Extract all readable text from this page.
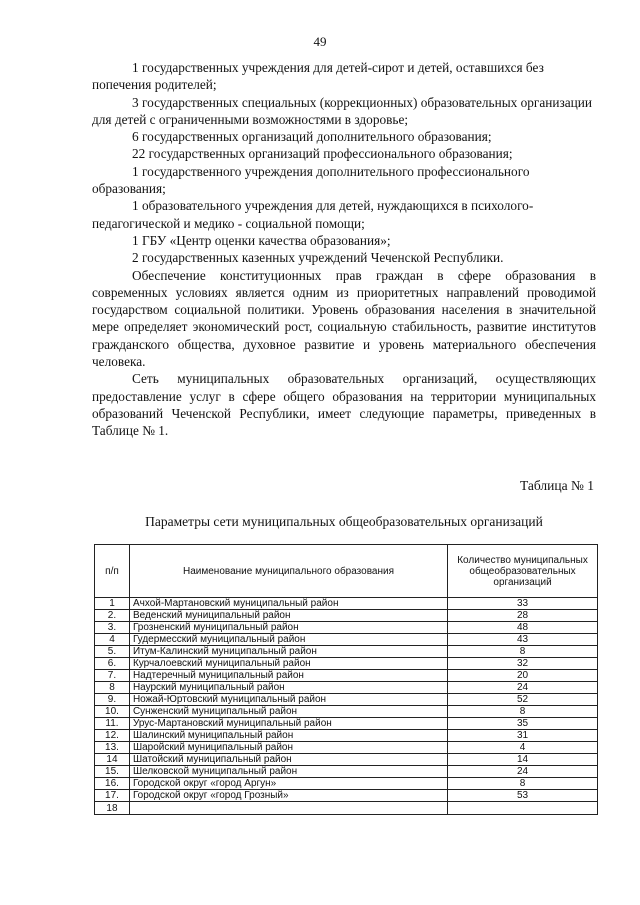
49

1 государственных учреждения для детей-сирот и детей, оставшихся без попечения родителей;

3 государственных специальных (коррекционных) образовательных организации для детей с ограниченными возможностями в здоровье;

6 государственных организаций дополнительного образования;

22 государственных организаций профессионального образования;

1 государственного учреждения дополнительного профессионального образования;

1 образовательного учреждения для детей, нуждающихся в психолого-педагогической и медико - социальной помощи;

1 ГБУ «Центр оценки качества образования»;

2 государственных казенных учреждений Чеченской Республики.

Обеспечение конституционных прав граждан в сфере образования в современных условиях является одним из приоритетных направлений проводимой государством социальной политики. Уровень образования населения в значительной мере определяет экономический рост, социальную стабильность, развитие институтов гражданского общества, духовное развитие и уровень материального обеспечения человека.

Сеть муниципальных образовательных организаций, осуществляющих предоставление услуг в сфере общего образования на территории муниципальных образований Чеченской Республики, имеет следующие параметры, приведенных в Таблице № 1.

Таблица № 1
Параметры сети муниципальных общеобразовательных организаций
п/п	Наименование муниципального образования	Количество муниципальных общеобразовательных организаций
1	Ачхой-Мартановский муниципальный район	33
2.	Веденский муниципальный район	28
3.	Грозненский муниципальный район	48
4	Гудермесский муниципальный район	43
5.	Итум-Калинский муниципальный район	8
6.	Курчалоевский муниципальный район	32
7.	Надтеречный муниципальный район	20
8	Наурский муниципальный район	24
9.	Ножай-Юртовский муниципальный район	52
10.	Сунженский муниципальный район	8
11.	Урус-Мартановский муниципальный район	35
12.	Шалинский муниципальный район	31
13.	Шаройский муниципальный район	4
14	Шатойский муниципальный район	14
15.	Шелковской муниципальный район	24
16.	Городской округ «город Аргун»	8
17.	Городской округ «город Грозный»	53
18		
